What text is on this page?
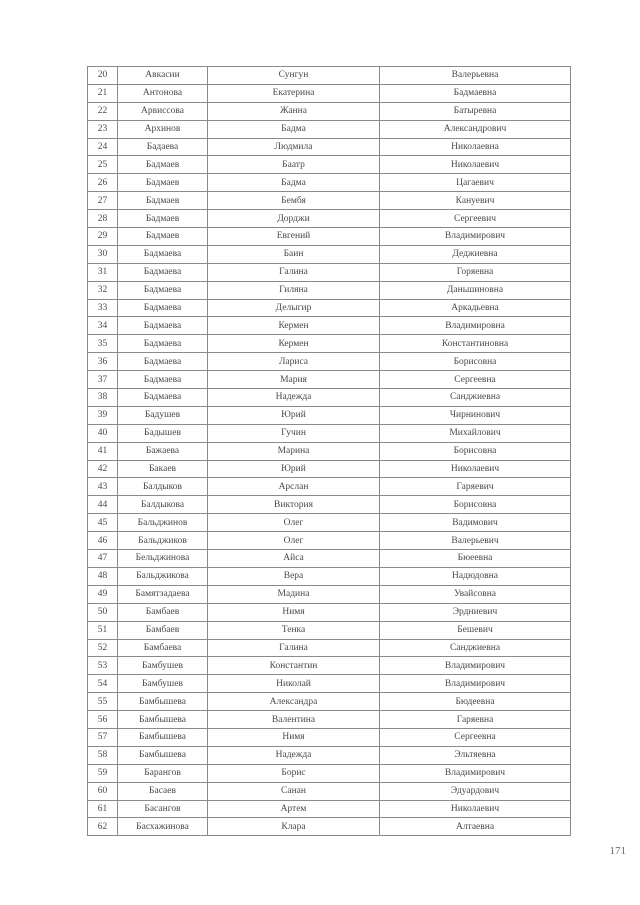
20	Авкасии	Сунгун	Валерьевна
21	Антонова	Екатерина	Бадмаевна
22	Арвиссова	Жанна	Батыревна
23	Архинов	Бадма	Александрович
24	Бадаева	Людмила	Николаевна
25	Бадмаев	Баатр	Николаевич
26	Бадмаев	Бадма	Цагаевич
27	Бадмаев	Бембя	Кануевич
28	Бадмаев	Дорджи	Сергеевич
29	Бадмаев	Евгений	Владимирович
30	Бадмаева	Баин	Деджиевна
31	Бадмаева	Галина	Горяевна
32	Бадмаева	Гиляна	Даньшиновна
33	Бадмаева	Делыгир	Аркадьевна
34	Бадмаева	Кермен	Владимировна
35	Бадмаева	Кермен	Константиновна
36	Бадмаева	Лариса	Борисовна
37	Бадмаева	Мария	Сергеевна
38	Бадмаева	Надежда	Санджиевна
39	Бадушев	Юрий	Чирнинович
40	Бадышев	Гучин	Михайлович
41	Бажаева	Марина	Борисовна
42	Бакаев	Юрий	Николаевич
43	Балдыков	Арслан	Гаряевич
44	Балдыкова	Виктория	Борисовна
45	Бальджинов	Олег	Вадимович
46	Бальджиков	Олег	Валерьевич
47	Бельджинова	Айса	Бюеевна
48	Бальджикова	Вера	Надюдовна
49	Бамятзадаева	Мадина	Увайсовна
50	Бамбаев	Нимя	Эрдниевич
51	Бамбаев	Тенка	Бешевич
52	Бамбаева	Галина	Санджиевна
53	Бамбушев	Константин	Владимирович
54	Бамбушев	Николай	Владимирович
55	Бамбышева	Александра	Бюдеевна
56	Бамбышева	Валентина	Гаряевна
57	Бамбышева	Нимя	Сергеевна
58	Бамбышева	Надежда	Эльтяевна
59	Барангов	Борис	Владимирович
60	Басаев	Санан	Эдуардович
61	Басангов	Артем	Николаевич
62	Басхажинова	Клара	Алтаевна
171
